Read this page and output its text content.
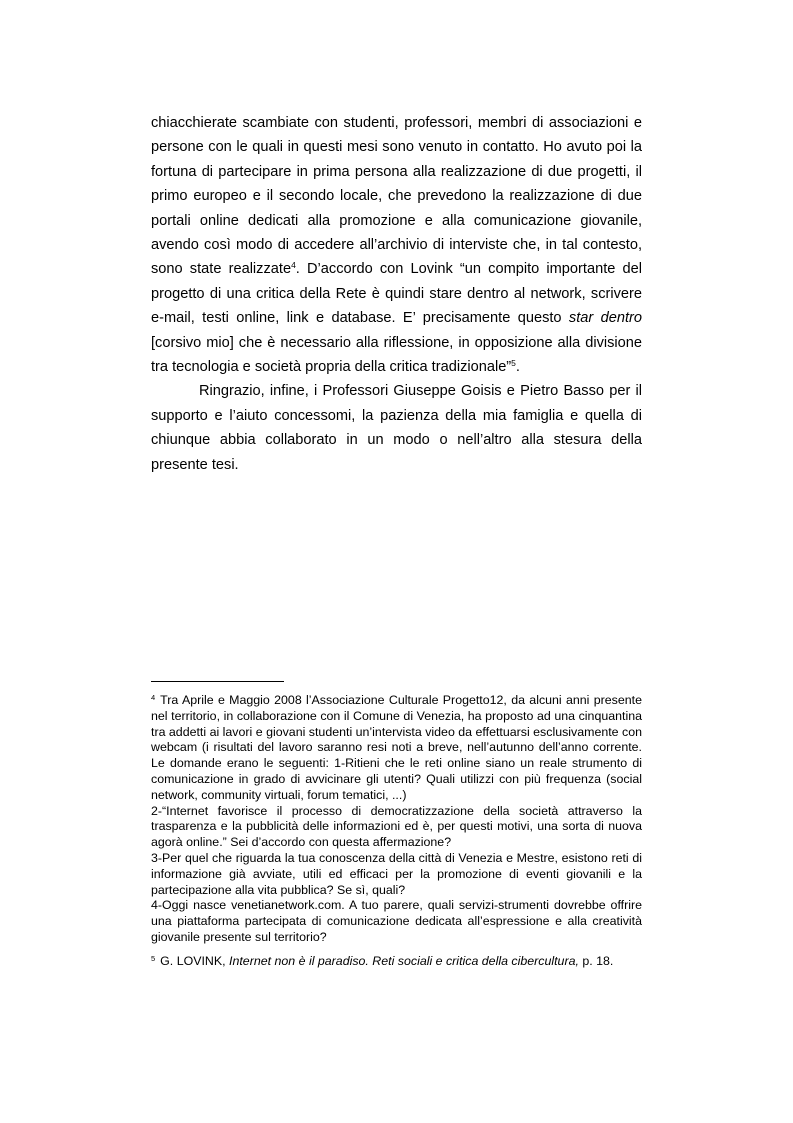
chiacchierate scambiate con studenti, professori, membri di associazioni e persone con le quali in questi mesi sono venuto in contatto. Ho avuto poi la fortuna di partecipare in prima persona alla realizzazione di due progetti, il primo europeo e il secondo locale, che prevedono la realizzazione di due portali online dedicati alla promozione e alla comunicazione giovanile, avendo così modo di accedere all’archivio di interviste che, in tal contesto, sono state realizzate$^4$. D’accordo con Lovink “un compito importante del progetto di una critica della Rete è quindi stare dentro al network, scrivere e-mail, testi online, link e database. E’ precisamente questo star dentro [corsivo mio] che è necessario alla riflessione, in opposizione alla divisione tra tecnologia e società propria della critica tradizionale”$^5$.

Ringrazio, infine, i Professori Giuseppe Goisis e Pietro Basso per il supporto e l’aiuto concessomi, la pazienza della mia famiglia e quella di chiunque abbia collaborato in un modo o nell’altro alla stesura della presente tesi.

$^4$ Tra Aprile e Maggio 2008 l’Associazione Culturale Progetto12, da alcuni anni presente nel territorio, in collaborazione con il Comune di Venezia, ha proposto ad una cinquantina tra addetti ai lavori e giovani studenti un’intervista video da effettuarsi esclusivamente con webcam (i risultati del lavoro saranno resi noti a breve, nell’autunno dell’anno corrente. Le domande erano le seguenti: 1-Ritieni che le reti online siano un reale strumento di comunicazione in grado di avvicinare gli utenti? Quali utilizzi con più frequenza (social network, community virtuali, forum tematici, ...)

2-“Internet favorisce il processo di democratizzazione della società attraverso la trasparenza e la pubblicità delle informazioni ed è, per questi motivi, una sorta di nuova agorà online.” Sei d’accordo con questa affermazione?

3-Per quel che riguarda la tua conoscenza della città di Venezia e Mestre, esistono reti di informazione già avviate, utili ed efficaci per la promozione di eventi giovanili e la partecipazione alla vita pubblica? Se sì, quali?

4-Oggi nasce venetianetwork.com. A tuo parere, quali servizi-strumenti dovrebbe offrire una piattaforma partecipata di comunicazione dedicata all’espressione e alla creatività giovanile presente sul territorio?

$^5$ G. LOVINK, Internet non è il paradiso. Reti sociali e critica della cibercultura, p. 18.
